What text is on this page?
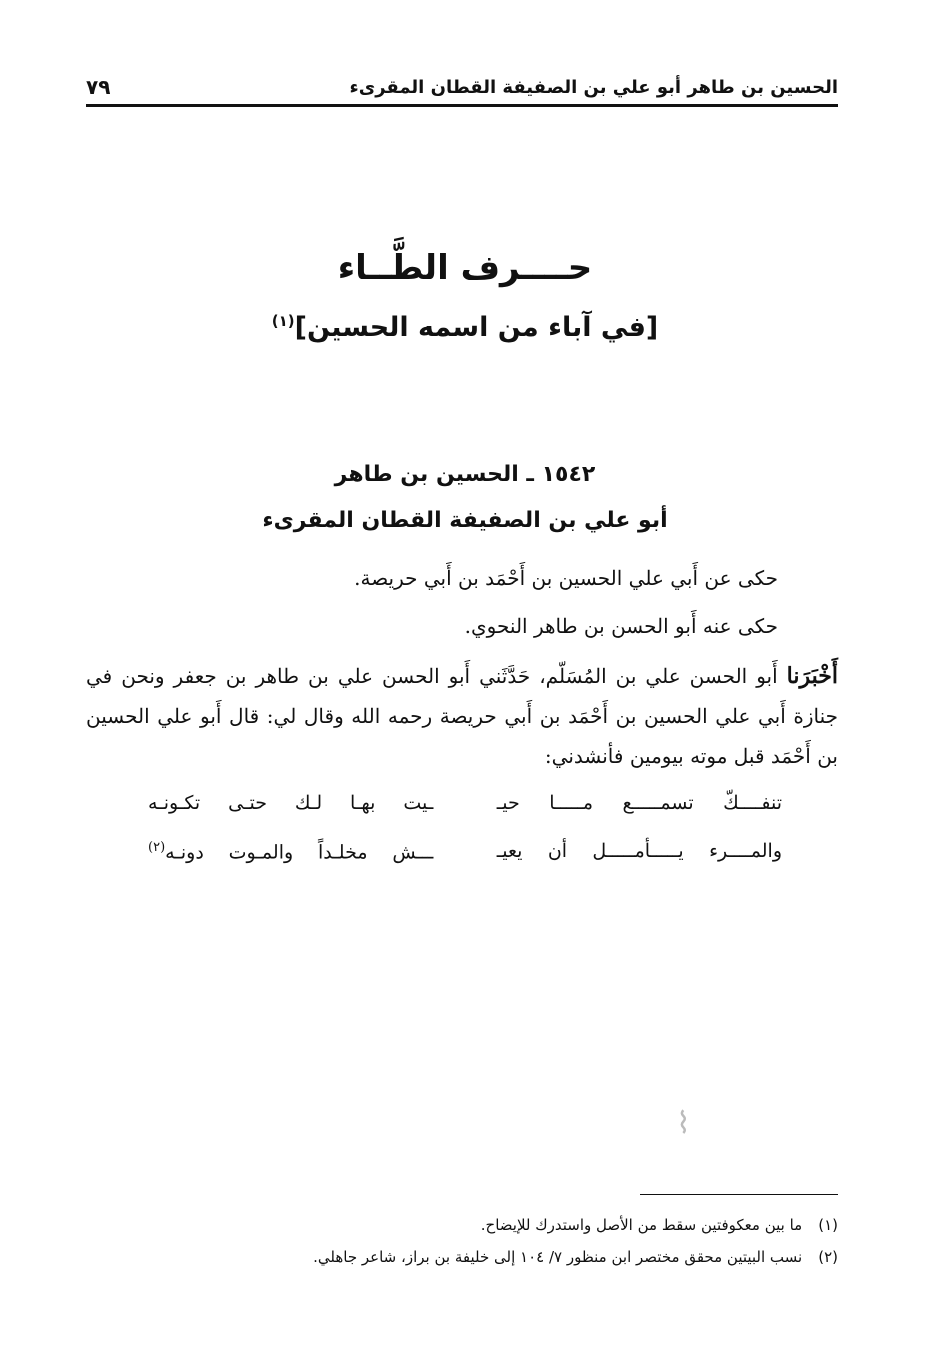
الحسين بن طاهر أبو علي بن الصفيفة القطان المقرىء
٧٩
حــــرف الطَّــاء
[في آباء من اسمه الحسين]$^{(١)}$
١٥٤٢ ـ الحسين بن طاهر
أبو علي بن الصفيفة القطان المقرىء
حكى عن أَبي علي الحسين بن أَحْمَد بن أَبي حريصة.
حكى عنه أَبو الحسن بن طاهر النحوي.
أَخْبَرَنا أَبو الحسن علي بن المُسَلّم، حَدَّثَني أَبو الحسن علي بن طاهر بن جعفر ونحن في جنازة أَبي علي الحسين بن أَحْمَد بن أَبي حريصة رحمه الله وقال لي: قال أَبو علي الحسين بن أَحْمَد قبل موته بيومين فأنشدني:
تنفــــكّ تسمـــــع مـــــا حيـ
ـيت بهـا لـك حتـى تكـونـه
والمــــرء يـــــأمـــــل أن يعيـ
ـــش مخلـداً والمـوت دونـه$^{(٢)}$
⌇
(١)ما بين معكوفتين سقط من الأصل واستدرك للإيضاح.
(٢)نسب البيتين محقق مختصر ابن منظور ٧/ ١٠٤ إلى خليفة بن براز، شاعر جاهلي.
